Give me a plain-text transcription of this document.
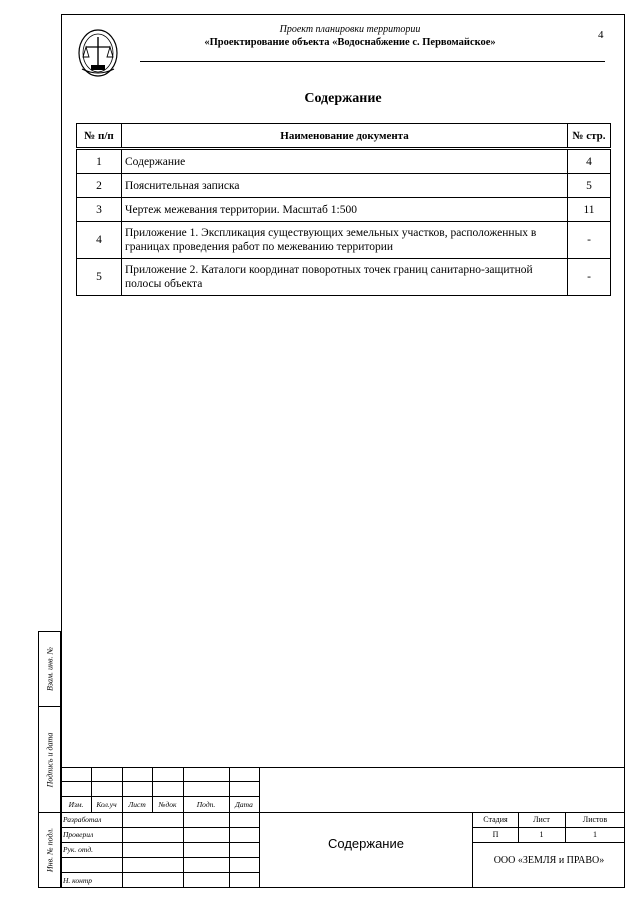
Проект планировки территории
«Проектирование объекта «Водоснабжение с. Первомайское»
4
Содержание
№ п/п	Наименование документа	№ стр.
1	Содержание	4
2	Пояснительная записка	5
3	Чертеж межевания территории. Масштаб 1:500	11
4	Приложение 1. Экспликация существующих земельных участков, расположенных в границах проведения работ по межеванию территории	-
5	Приложение 2. Каталоги координат поворотных точек границ санитарно-защитной полосы объекта	-
Взам. инв. №
Подпись и дата
Инв. № подл.
Изм.	Кол.уч	Лист	№док	Подп.	Дата
Разработал
Проверил
Рук. отд.
Н. контр
Стадия	Лист	Листов
П	1	1
Содержание
ООО «ЗЕМЛЯ и ПРАВО»
